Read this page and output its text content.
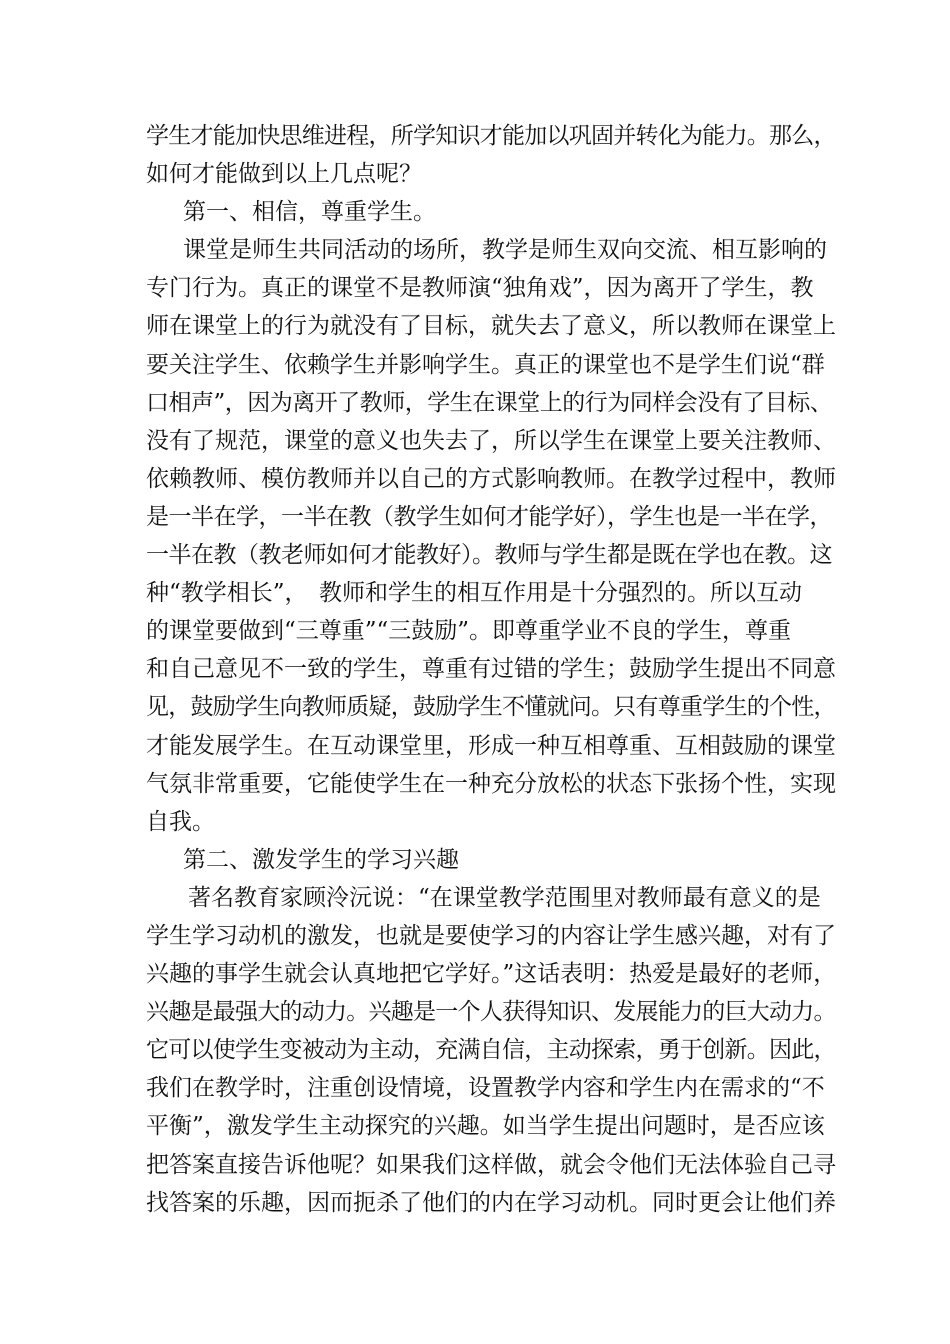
学生才能加快思维进程，所学知识才能加以巩固并转化为能力。那么，
如何才能做到以上几点呢？
第一、相信，尊重学生。
课堂是师生共同活动的场所，教学是师生双向交流、相互影响的
专门行为。真正的课堂不是教师演“独角戏”，因为离开了学生，教
师在课堂上的行为就没有了目标，就失去了意义，所以教师在课堂上
要关注学生、依赖学生并影响学生。真正的课堂也不是学生们说“群
口相声”，因为离开了教师，学生在课堂上的行为同样会没有了目标、
没有了规范，课堂的意义也失去了，所以学生在课堂上要关注教师、
依赖教师、模仿教师并以自己的方式影响教师。在教学过程中，教师
是一半在学，一半在教（教学生如何才能学好），学生也是一半在学，
一半在教（教老师如何才能教好）。教师与学生都是既在学也在教。这
种“教学相长”，　教师和学生的相互作用是十分强烈的。所以互动
的课堂要做到“三尊重”“三鼓励”。即尊重学业不良的学生，尊重
和自己意见不一致的学生，尊重有过错的学生；鼓励学生提出不同意
见，鼓励学生向教师质疑，鼓励学生不懂就问。只有尊重学生的个性，
才能发展学生。在互动课堂里，形成一种互相尊重、互相鼓励的课堂
气氛非常重要，它能使学生在一种充分放松的状态下张扬个性，实现
自我。
第二、激发学生的学习兴趣
著名教育家顾泠沅说：“在课堂教学范围里对教师最有意义的是
学生学习动机的激发，也就是要使学习的内容让学生感兴趣，对有了
兴趣的事学生就会认真地把它学好。”这话表明：热爱是最好的老师，
兴趣是最强大的动力。兴趣是一个人获得知识、发展能力的巨大动力。
它可以使学生变被动为主动，充满自信，主动探索，勇于创新。因此，
我们在教学时，注重创设情境，设置教学内容和学生内在需求的“不
平衡”，激发学生主动探究的兴趣。如当学生提出问题时，是否应该
把答案直接告诉他呢？如果我们这样做，就会令他们无法体验自己寻
找答案的乐趣，因而扼杀了他们的内在学习动机。同时更会让他们养
